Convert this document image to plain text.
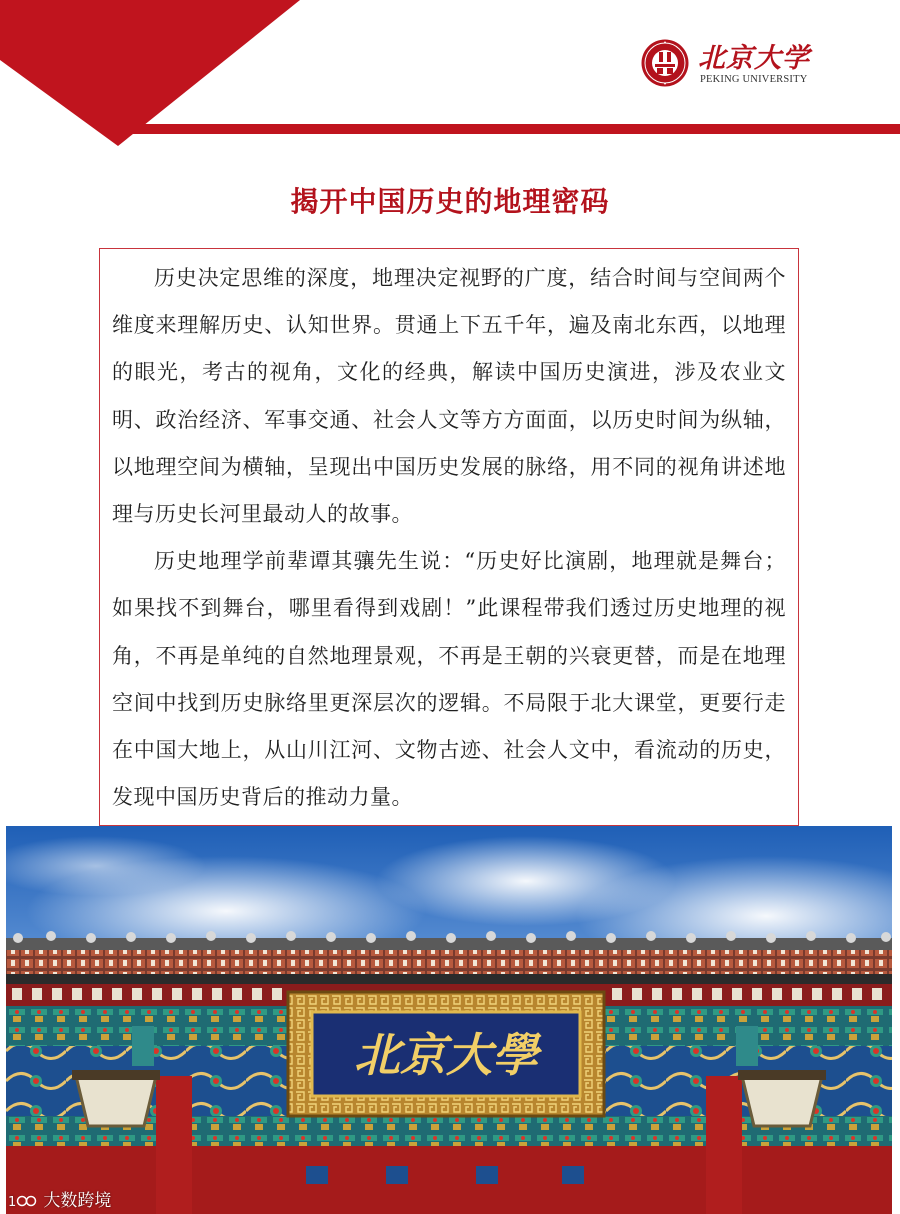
北京大学
PEKING UNIVERSITY
揭开中国历史的地理密码

历史决定思维的深度，地理决定视野的广度，结合时间与空间两个维度来理解历史、认知世界。贯通上下五千年，遍及南北东西，以地理的眼光，考古的视角，文化的经典，解读中国历史演进，涉及农业文明、政治经济、军事交通、社会人文等方方面面，以历史时间为纵轴，以地理空间为横轴，呈现出中国历史发展的脉络，用不同的视角讲述地理与历史长河里最动人的故事。

历史地理学前辈谭其骧先生说：“历史好比演剧，地理就是舞台；如果找不到舞台，哪里看得到戏剧！”此课程带我们透过历史地理的视角，不再是单纯的自然地理景观，不再是王朝的兴衰更替，而是在地理空间中找到历史脉络里更深层次的逻辑。不局限于北大课堂，更要行走在中国大地上，从山川江河、文物古迹、社会人文中，看流动的历史，发现中国历史背后的推动力量。

北京大學
1 大数跨境
